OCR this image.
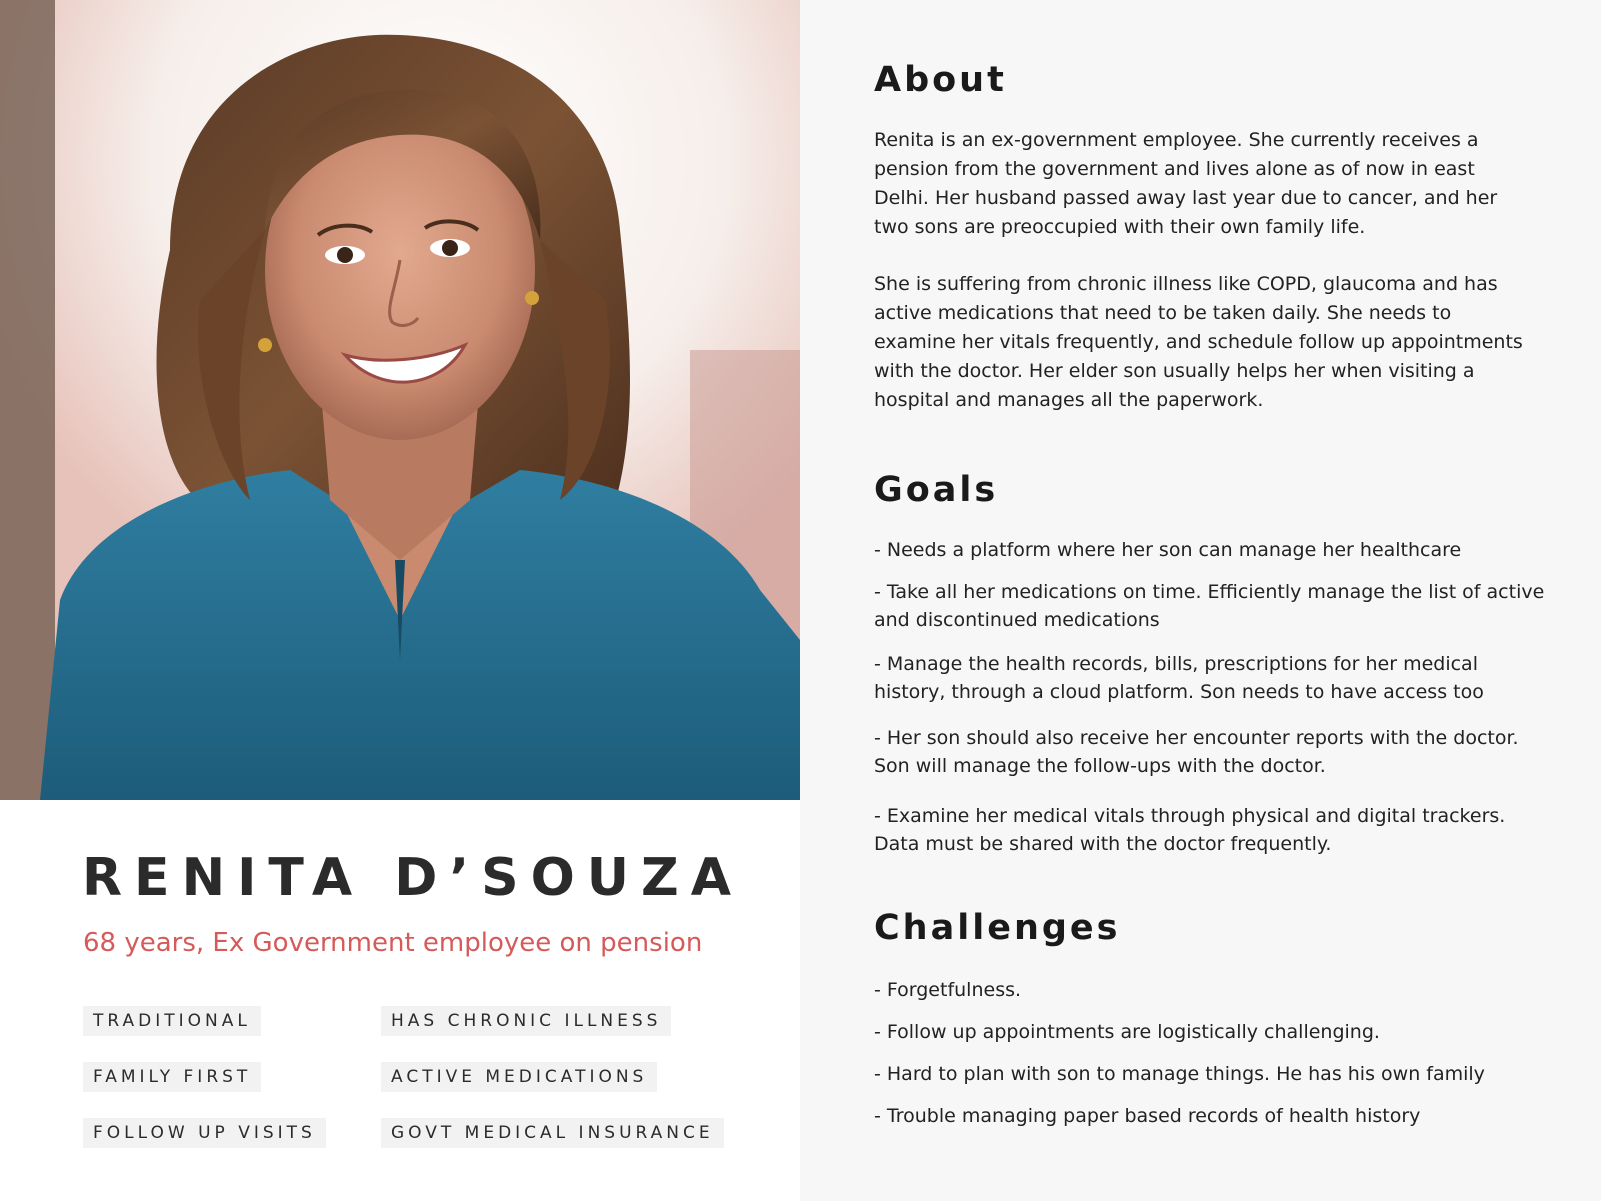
RENITA D’SOUZA

68 years, Ex Government employee on pension

TRADITIONAL	HAS CHRONIC ILLNESS
FAMILY FIRST	ACTIVE MEDICATIONS
FOLLOW UP VISITS	GOVT MEDICAL INSURANCE
About

Renita is an ex-government employee. She currently receives a pension from the government and lives alone as of now in east Delhi. Her husband passed away last year due to cancer, and her two sons are preoccupied with their own family life.

She is suffering from chronic illness like COPD, glaucoma and has active medications that need to be taken daily. She needs to examine her vitals frequently, and schedule follow up appointments with the doctor. Her elder son usually helps her when visiting a hospital and manages all the paperwork.

Goals

- Needs a platform where her son can manage her healthcare

- Take all her medications on time. Efficiently manage the list of active and discontinued medications

- Manage the health records, bills, prescriptions for her medical history, through a cloud platform. Son needs to have access too

- Her son should also receive her encounter reports with the doctor. Son will manage the follow-ups with the doctor.

- Examine her medical vitals through physical and digital trackers. Data must be shared with the doctor frequently.

Challenges

- Forgetfulness.

- Follow up appointments are logistically challenging.

- Hard to plan with son to manage things. He has his own family

- Trouble managing paper based records of health history
